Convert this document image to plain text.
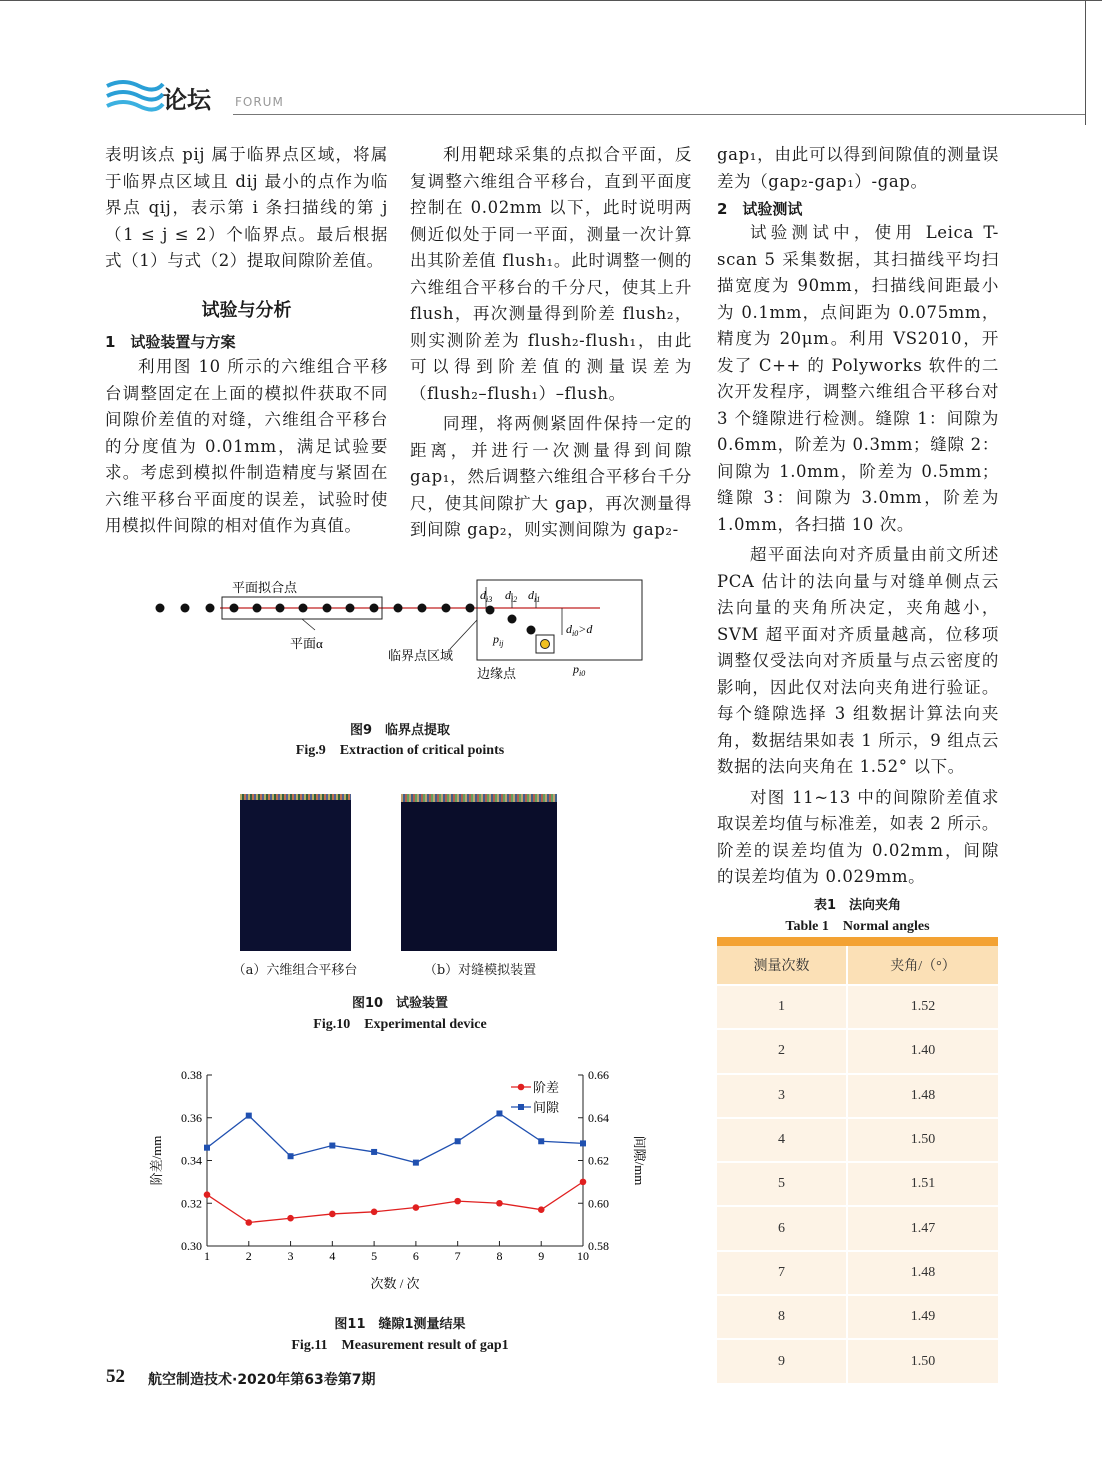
论坛 FORUM

表明该点 pij 属于临界点区域，将属于临界点区域且 dij 最小的点作为临界点 qij，表示第 i 条扫描线的第 j（1 ≤ j ≤ 2）个临界点。最后根据式（1）与式（2）提取间隙阶差值。

试验与分析
1　试验装置与方案

利用图 10 所示的六维组合平移台调整固定在上面的模拟件获取不同间隙价差值的对缝，六维组合平移台的分度值为 0.01mm，满足试验要求。考虑到模拟件制造精度与紧固在六维平移台平面度的误差，试验时使用模拟件间隙的相对值作为真值。

利用靶球采集的点拟合平面，反复调整六维组合平移台，直到平面度控制在 0.02mm 以下，此时说明两侧近似处于同一平面，测量一次计算出其阶差值 flush₁。此时调整一侧的六维组合平移台的千分尺，使其上升 flush，再次测量得到阶差 flush₂，则实测阶差为 flush₂-flush₁，由此可以得到阶差值的测量误差为（flush₂–flush₁）–flush。

同理，将两侧紧固件保持一定的距离，并进行一次测量得到间隙 gap₁，然后调整六维组合平移台千分尺，使其间隙扩大 gap，再次测量得到间隙 gap₂，则实测间隙为 gap₂-

gap₁，由此可以得到间隙值的测量误差为（gap₂-gap₁）-gap。

2　试验测试

试验测试中，使用 Leica T-scan 5 采集数据，其扫描线平均扫描宽度为 90mm，扫描线间距最小为 0.1mm，点间距为 0.075mm，精度为 20μm。利用 VS2010，开发了 C++ 的 Polyworks 软件的二次开发程序，调整六维组合平移台对 3 个缝隙进行检测。缝隙 1：间隙为 0.6mm，阶差为 0.3mm；缝隙 2：间隙为 1.0mm，阶差为 0.5mm；缝隙 3：间隙为 3.0mm，阶差为 1.0mm，各扫描 10 次。

超平面法向对齐质量由前文所述 PCA 估计的法向量与对缝单侧点云法向量的夹角所决定，夹角越小，SVM 超平面对齐质量越高，位移项调整仅受法向对齐质量与点云密度的影响，因此仅对法向夹角进行验证。每个缝隙选择 3 组数据计算法向夹角，数据结果如表 1 所示，9 组点云数据的法向夹角在 1.52° 以下。

对图 11~13 中的间隙阶差值求取误差均值与标准差，如表 2 所示。阶差的误差均值为 0.02mm，间隙的误差均值为 0.029mm。

平面拟合点
平面α
临界点区域
边缘点
$d_{i3}$ $d_{i2}$ $d_{i1}$
$p_{ij}$
$d_{i0}>d$
$p_{i0}$
图9　临界点提取
Fig.9　Extraction of critical points
（a）六维组合平移台	（b）对缝模拟装置
图10　试验装置
Fig.10　Experimental device
0.30
0.32
0.34
0.36
0.38
0.58
0.60
0.62
0.64
0.66
1	2	3	4	5	6	7	8	9	10
次数 / 次
阶差/mm	间隙/mm
阶差
间隙
图11　缝隙1测量结果
Fig.11　Measurement result of gap1
表1　法向夹角
Table 1　Normal angles
测量次数	夹角/（°）
1	1.52
2	1.40
3	1.48
4	1.50
5	1.51
6	1.47
7	1.48
8	1.49
9	1.50
52 航空制造技术·2020年第63卷第7期
